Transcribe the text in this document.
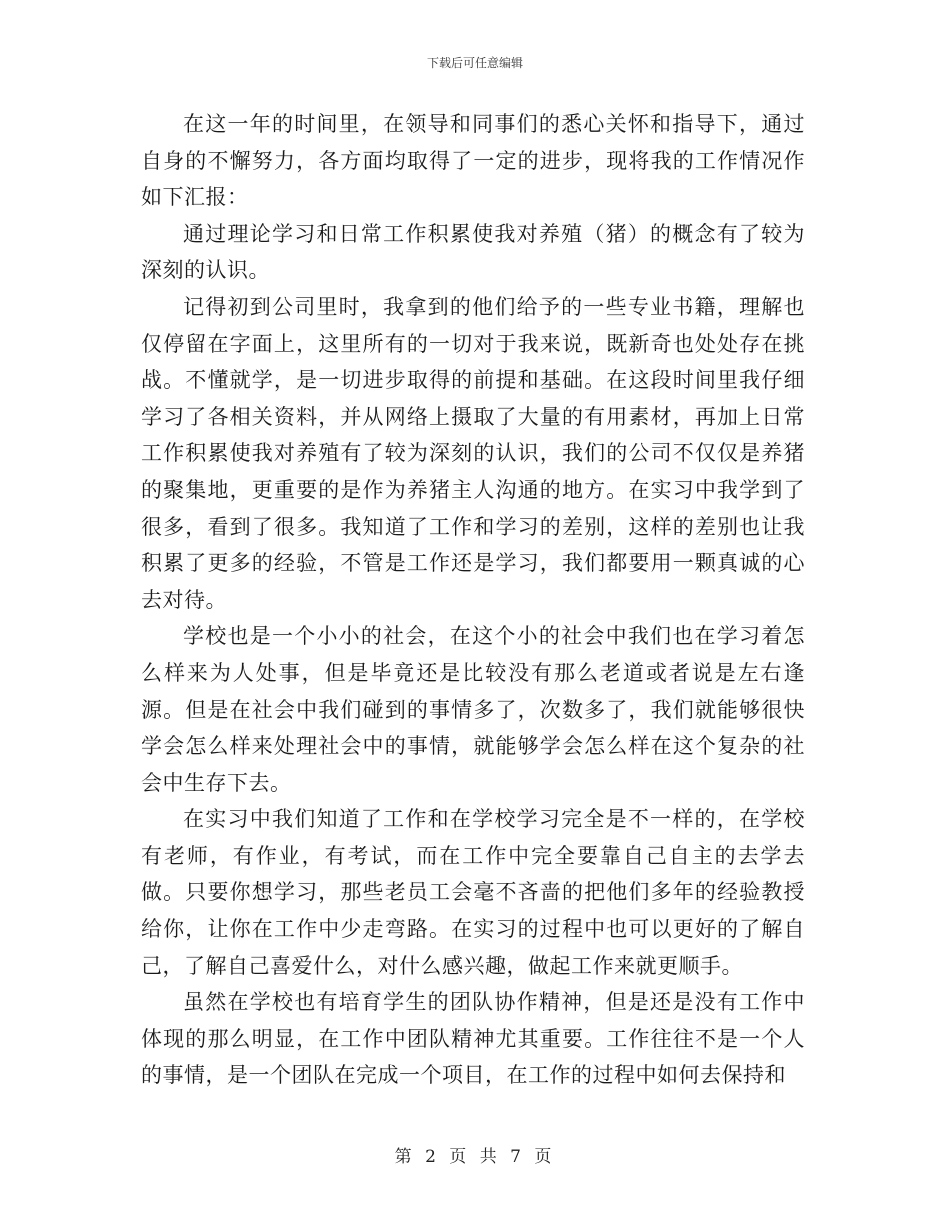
下载后可任意编辑

在这一年的时间里，在领导和同事们的悉心关怀和指导下，通过自身的不懈努力，各方面均取得了一定的进步，现将我的工作情况作如下汇报：

通过理论学习和日常工作积累使我对养殖（猪）的概念有了较为深刻的认识。

记得初到公司里时，我拿到的他们给予的一些专业书籍，理解也仅停留在字面上，这里所有的一切对于我来说，既新奇也处处存在挑战。不懂就学，是一切进步取得的前提和基础。在这段时间里我仔细学习了各相关资料，并从网络上摄取了大量的有用素材，再加上日常工作积累使我对养殖有了较为深刻的认识，我们的公司不仅仅是养猪的聚集地，更重要的是作为养猪主人沟通的地方。在实习中我学到了很多，看到了很多。我知道了工作和学习的差别，这样的差别也让我积累了更多的经验，不管是工作还是学习，我们都要用一颗真诚的心去对待。

学校也是一个小小的社会，在这个小的社会中我们也在学习着怎么样来为人处事，但是毕竟还是比较没有那么老道或者说是左右逢源。但是在社会中我们碰到的事情多了，次数多了，我们就能够很快学会怎么样来处理社会中的事情，就能够学会怎么样在这个复杂的社会中生存下去。

在实习中我们知道了工作和在学校学习完全是不一样的，在学校有老师，有作业，有考试，而在工作中完全要靠自己自主的去学去做。只要你想学习，那些老员工会毫不吝啬的把他们多年的经验教授给你，让你在工作中少走弯路。在实习的过程中也可以更好的了解自己，了解自己喜爱什么，对什么感兴趣，做起工作来就更顺手。

虽然在学校也有培育学生的团队协作精神，但是还是没有工作中体现的那么明显，在工作中团队精神尤其重要。工作往往不是一个人的事情，是一个团队在完成一个项目，在工作的过程中如何去保持和

第 2 页 共 7 页
